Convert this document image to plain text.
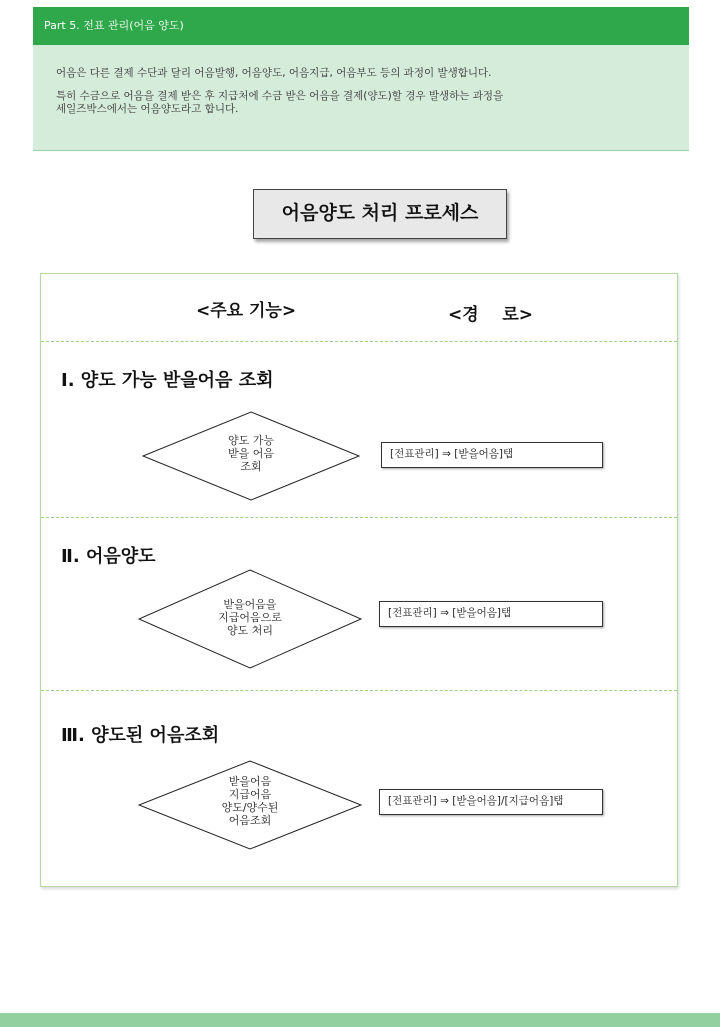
Part 5. 전표 관리(어음 양도)

어음은 다른 결제 수단과 달리 어음발행, 어음양도, 어음지급, 어음부도 등의 과정이 발생합니다.

특히 수금으로 어음을 결제 받은 후 지급처에 수금 받은 어음을 결제(양도)할 경우 발생하는 과정을

세일즈박스에서는 어음양도라고 합니다.

어음양도 처리 프로세스
<주요 기능>	<경    로>
Ⅰ. 양도 가능 받을어음 조회
양도 가능
받을 어음
조회
[전표관리] ⇒ [받을어음]탭
Ⅱ. 어음양도
받을어음을
지급어음으로
양도 처리
[전표관리] ⇒ [받을어음]탭
Ⅲ. 양도된 어음조회
받을어음
지급어음
양도/양수된
어음조회
[전표관리] ⇒ [받을어음]/[지급어음]탭
